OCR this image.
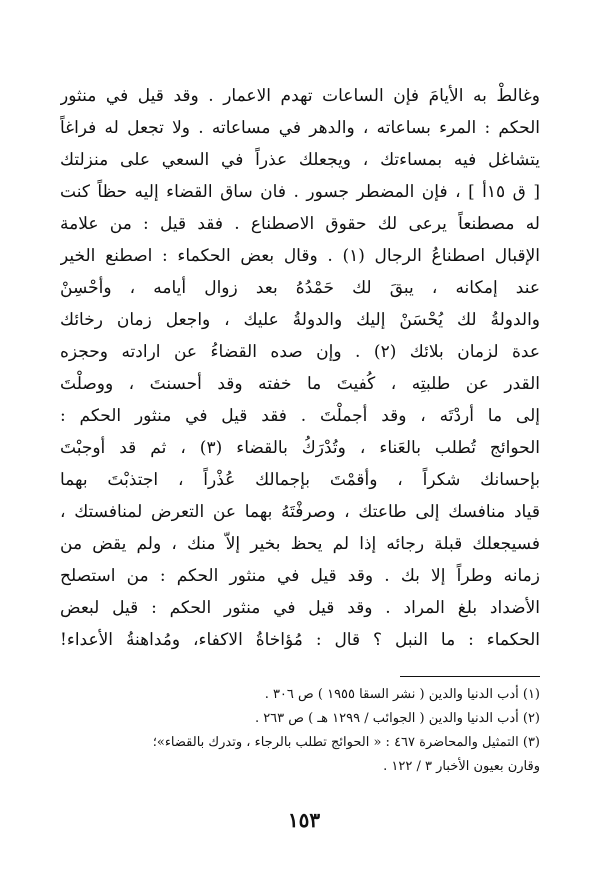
وغالطْ به الأيامَ فإن الساعات تهدم الاعمار . وقد قيل في منثور
الحكم : المرء بساعاته ، والدهر في مساعاته . ولا تجعل له فراغاً
يتشاغل فيه بمساءتك ، ويجعلك عذراً في السعي على منزلتك
[ ق ١٥أ ] ، فإن المضطر جسور . فان ساق القضاء إليه حظاً كنت
له مصطنعاً يرعى لك حقوق الاصطناع . فقد قيل : من علامة
الإقبال اصطناعُ الرجال (١) . وقال بعض الحكماء : اصطنع الخير
عند إمكانه ، يبقَ لك حَمْدُهُ بعد زوال أيامه ، وأحْسِنْ
والدولةُ لك يُحْسَنْ إليك والدولةُ عليك ، واجعل زمان رخائك
عدة لزمان بلائك (٢) . وإن صده القضاءُ عن ارادته وحجزه
القدر عن طلبتِه ، كُفيتَ ما خفته وقد أحسنتَ ، ووصلْتَ
إلى ما أردْتَه ، وقد أجملْتَ . فقد قيل في منثور الحكم :
الحوائج تُطلب بالعَناء ، وتُدْرَكُ بالقضاء (٣) ، ثم قد أوجبْتَ
بإحسانك شكراً ، وأقمْتَ بإجمالك عُذْراً ، اجتذبْتَ بهما
قياد منافسك إلى طاعتك ، وصرفْتَهُ بهما عن التعرض لمنافستك ،
فسيجعلك قبلة رجائه إذا لم يحظ بخير إلاّ منك ، ولم يقض من
زمانه وطراً إلا بك . وقد قيل في منثور الحكم : من استصلح
الأضداد بلغ المراد . وقد قيل في منثور الحكم : قيل لبعض
الحكماء : ما النبل ؟ قال : مُؤاخاةُ الاكفاء، ومُداهنةُ الأعداء!
(١) أدب الدنيا والدين ( نشر السقا ١٩٥٥ ) ص ٣٠٦ .
(٢) أدب الدنيا والدين ( الجوائب / ١٢٩٩ هـ ) ص ٢٦٣ .
(٣) التمثيل والمحاضرة ٤٦٧ : « الحوائج تطلب بالرجاء ، وتدرك بالقضاء»؛
وقارن بعيون الأخبار ٣ / ١٢٢ .
١٥٣
